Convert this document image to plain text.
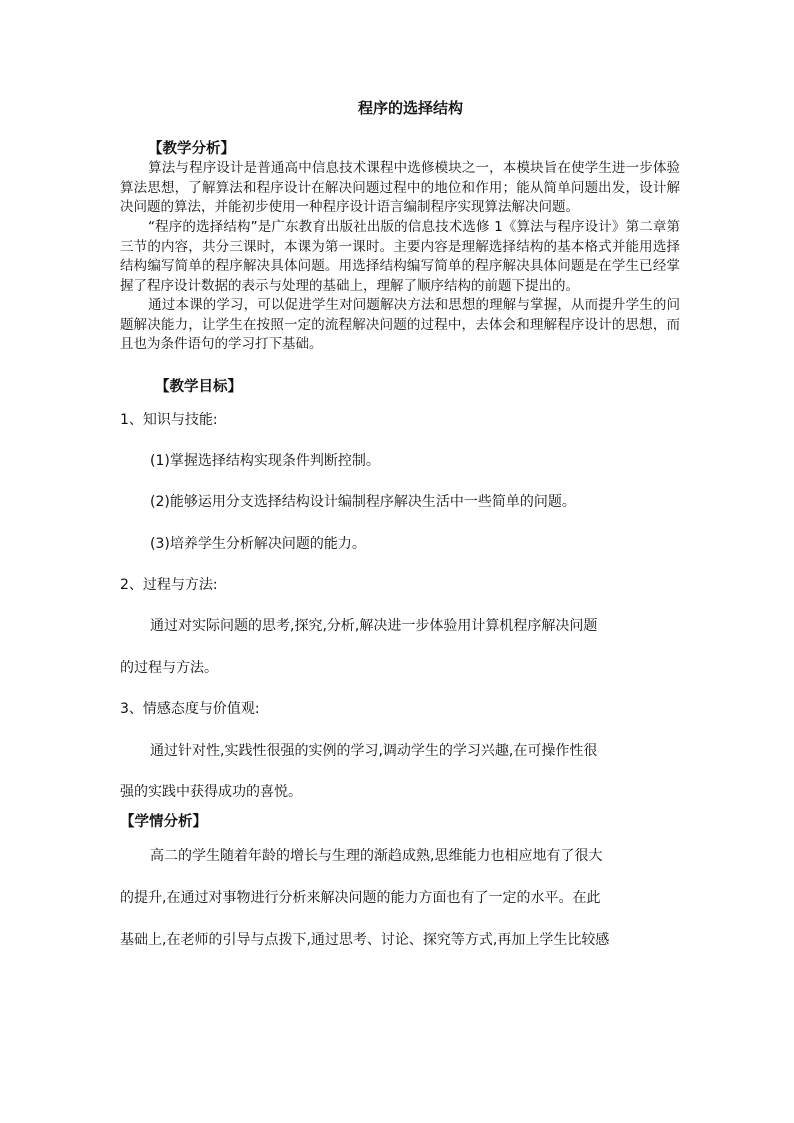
程序的选择结构
【教学分析】

算法与程序设计是普通高中信息技术课程中选修模块之一，本模块旨在使学生进一步体验算法思想，了解算法和程序设计在解决问题过程中的地位和作用；能从简单问题出发，设计解决问题的算法，并能初步使用一种程序设计语言编制程序实现算法解决问题。

“程序的选择结构”是广东教育出版社出版的信息技术选修 1《算法与程序设计》第二章第三节的内容，共分三课时，本课为第一课时。主要内容是理解选择结构的基本格式并能用选择结构编写简单的程序解决具体问题。用选择结构编写简单的程序解决具体问题是在学生已经掌握了程序设计数据的表示与处理的基础上，理解了顺序结构的前题下提出的。

通过本课的学习，可以促进学生对问题解决方法和思想的理解与掌握，从而提升学生的问题解决能力，让学生在按照一定的流程解决问题的过程中，去体会和理解程序设计的思想，而且也为条件语句的学习打下基础。

【教学目标】
1、知识与技能:
(1)掌握选择结构实现条件判断控制。
(2)能够运用分支选择结构设计编制程序解决生活中一些简单的问题。
(3)培养学生分析解决问题的能力。
2、过程与方法:
通过对实际问题的思考,探究,分析,解决进一步体验用计算机程序解决问题
的过程与方法。
3、情感态度与价值观:
通过针对性,实践性很强的实例的学习,调动学生的学习兴趣,在可操作性很
强的实践中获得成功的喜悦。
【学情分析】
高二的学生随着年龄的增长与生理的渐趋成熟,思维能力也相应地有了很大
的提升,在通过对事物进行分析来解决问题的能力方面也有了一定的水平。在此
基础上,在老师的引导与点拨下,通过思考、讨论、探究等方式,再加上学生比较感
